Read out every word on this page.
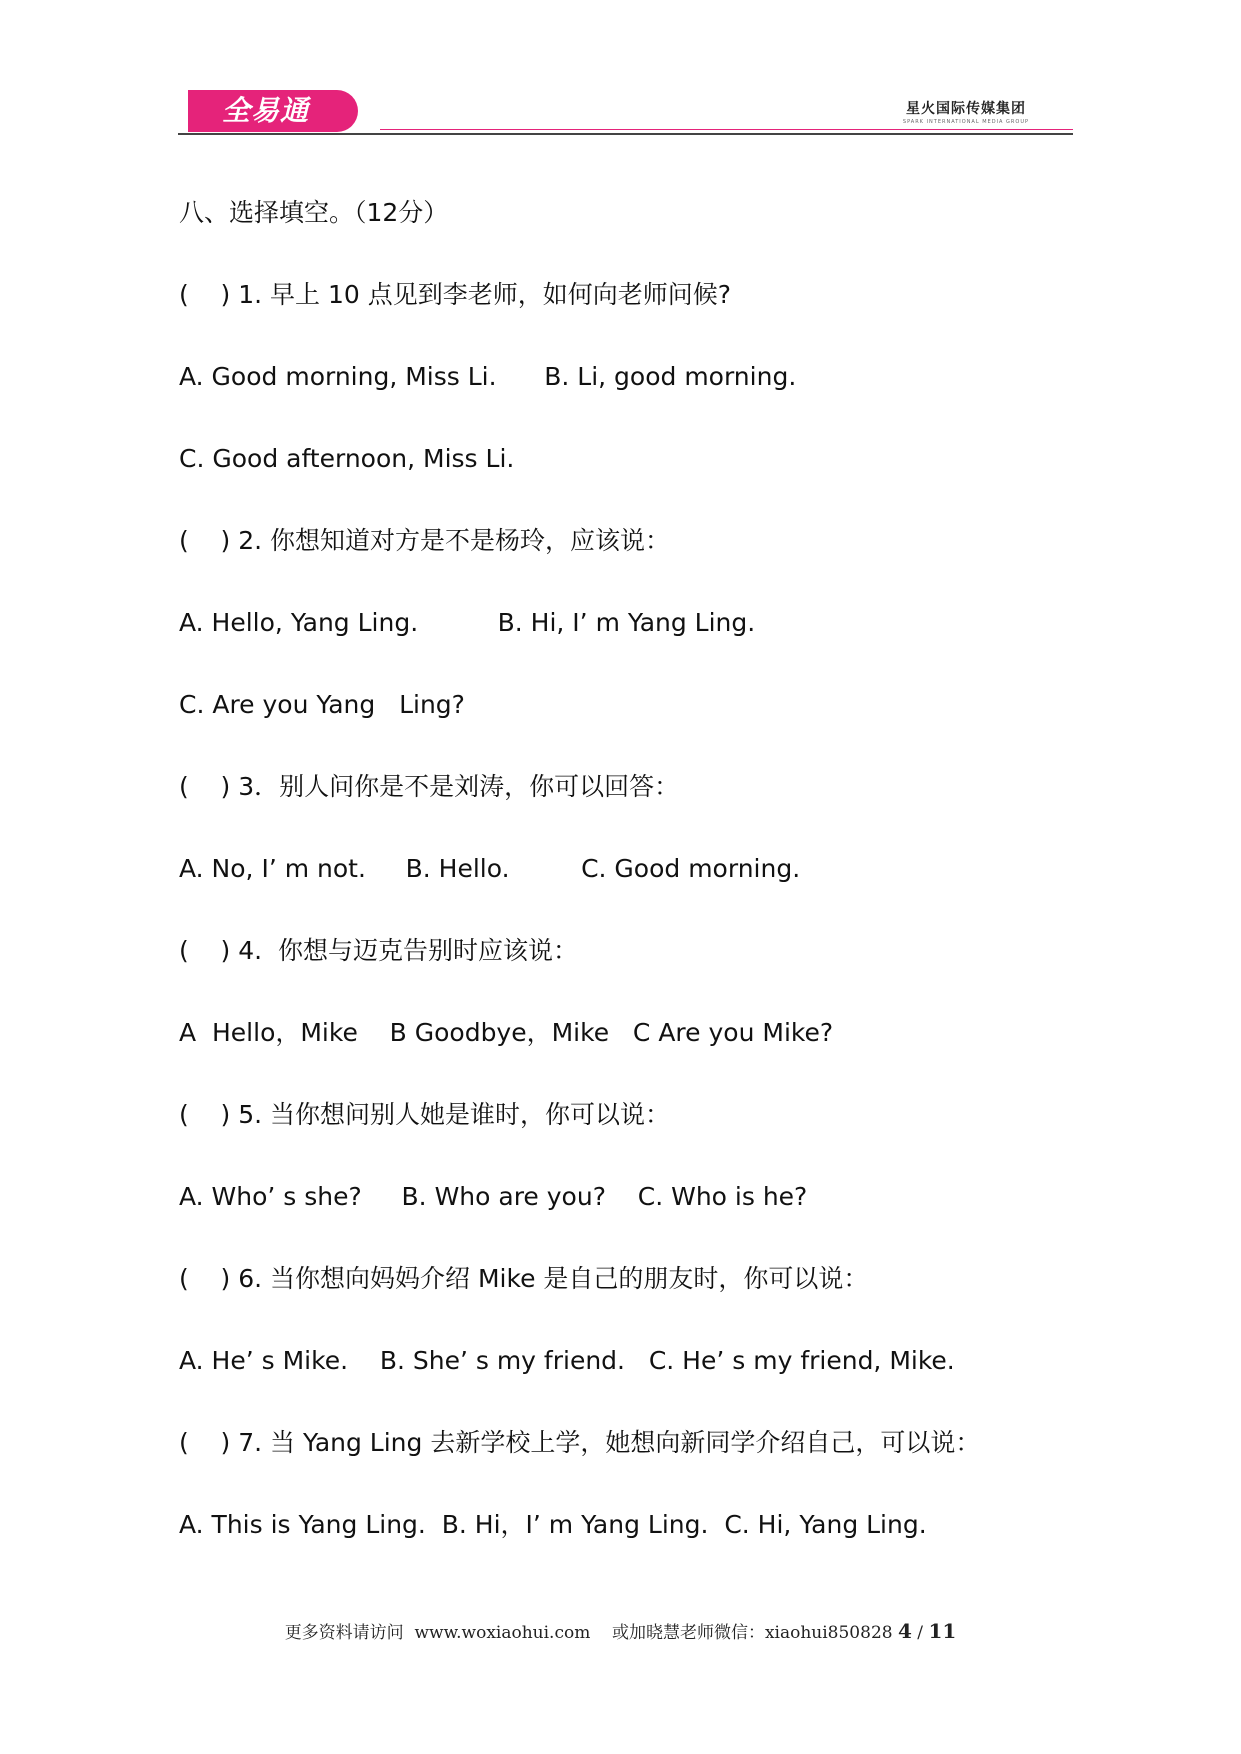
全易通	星火国际传媒集团
SPARK INTERNATIONAL MEDIA GROUP
八、选择填空。（12分）
(    ) 1. 早上 10 点见到李老师，如何向老师问候?
A. Good morning, Miss Li.      B. Li, good morning.
C. Good afternoon, Miss Li.
(    ) 2. 你想知道对方是不是杨玲，应该说：
A. Hello, Yang Ling.          B. Hi, I’ m Yang Ling.
C. Are you Yang   Ling?
(    ) 3．别人问你是不是刘涛，你可以回答：
A. No, I’ m not.     B. Hello.         C. Good morning.
(    ) 4.  你想与迈克告别时应该说：
A  Hello，Mike    B Goodbye，Mike   C Are you Mike?
(    ) 5. 当你想问别人她是谁时，你可以说：
A. Who’ s she?     B. Who are you?    C. Who is he?
(    ) 6. 当你想向妈妈介绍 Mike 是自己的朋友时，你可以说：
A. He’ s Mike.    B. She’ s my friend.   C. He’ s my friend, Mike.
(    ) 7. 当 Yang Ling 去新学校上学，她想向新同学介绍自己，可以说：
A. This is Yang Ling.  B. Hi，I’ m Yang Ling.  C. Hi, Yang Ling.
更多资料请访问  www.woxiaohui.com    或加晓慧老师微信：xiaohui850828 4 / 11
